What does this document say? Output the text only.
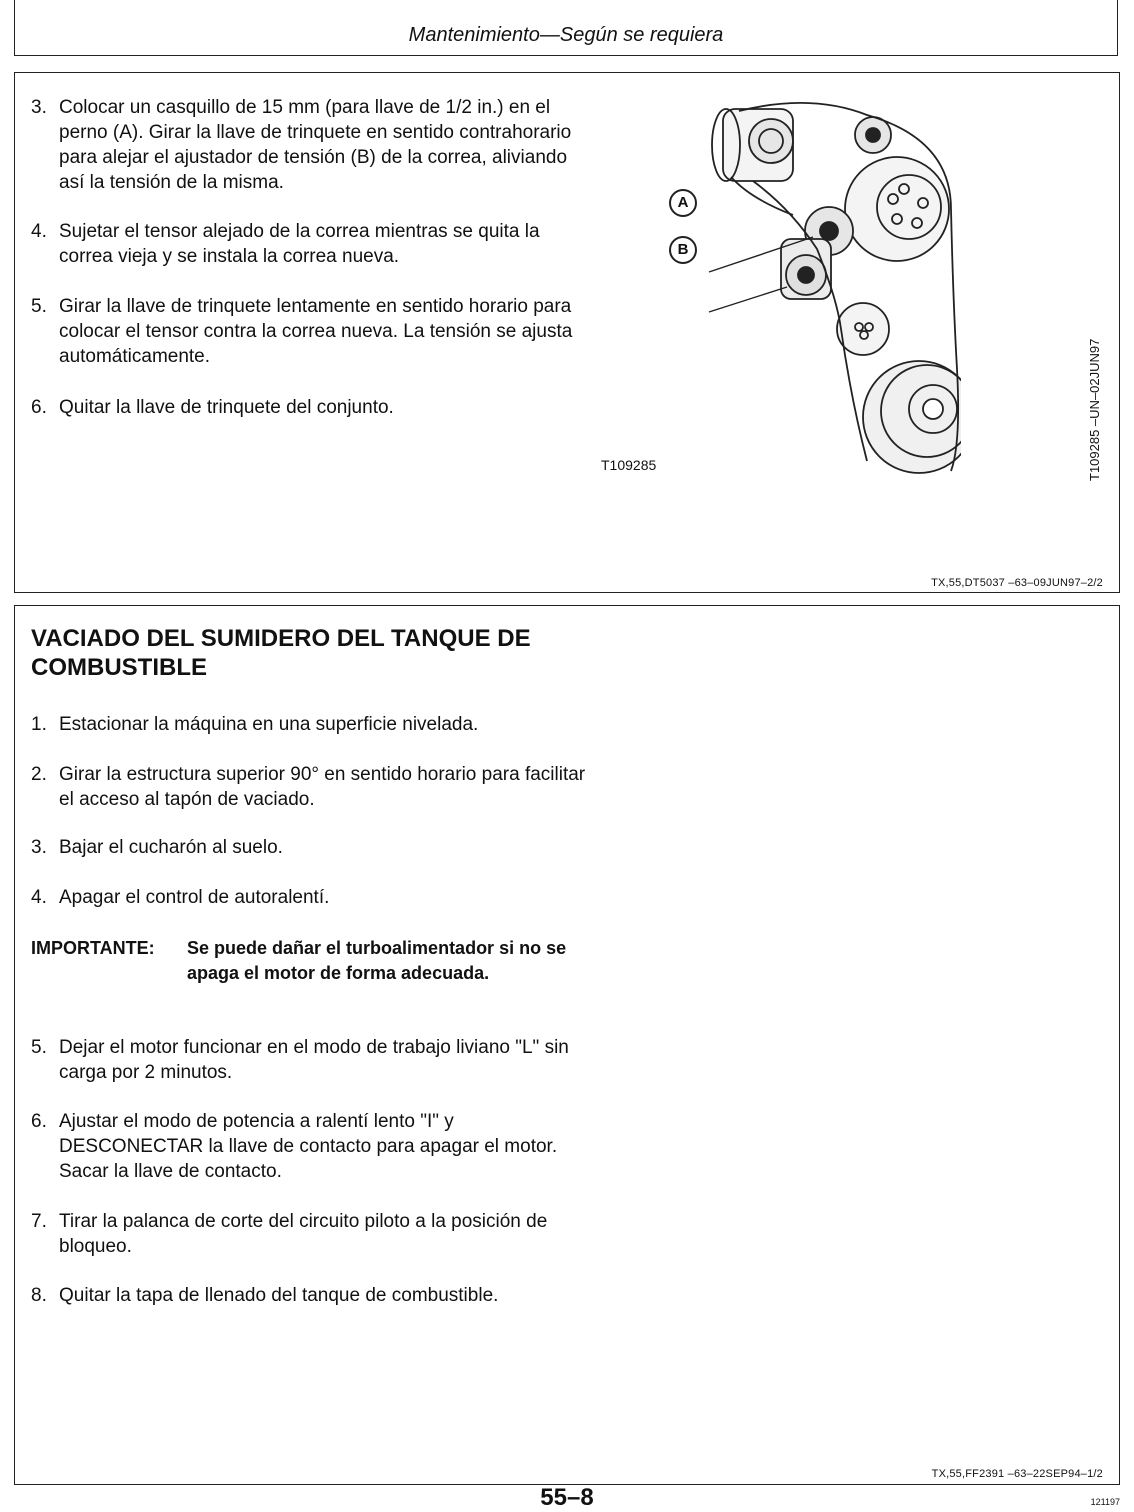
Mantenimiento—Según se requiera
3. Colocar un casquillo de 15 mm (para llave de 1/2 in.) en el perno (A). Girar la llave de trinquete en sentido contrahorario para alejar el ajustador de tensión (B) de la correa, aliviando así la tensión de la misma.
4. Sujetar el tensor alejado de la correa mientras se quita la correa vieja y se instala la correa nueva.
5. Girar la llave de trinquete lentamente en sentido horario para colocar el tensor contra la correa nueva. La tensión se ajusta automáticamente.
6. Quitar la llave de trinquete del conjunto.
A
B
T109285	T109285 –UN–02JUN97
TX,55,DT5037 –63–09JUN97–2/2
VACIADO DEL SUMIDERO DEL TANQUE DE COMBUSTIBLE
1. Estacionar la máquina en una superficie nivelada.
2. Girar la estructura superior 90° en sentido horario para facilitar el acceso al tapón de vaciado.
3. Bajar el cucharón al suelo.
4. Apagar el control de autoralentí.
IMPORTANTE: Se puede dañar el turboalimentador si no se apaga el motor de forma adecuada.
5. Dejar el motor funcionar en el modo de trabajo liviano "L" sin carga por 2 minutos.
6. Ajustar el modo de potencia a ralentí lento "I" y DESCONECTAR la llave de contacto para apagar el motor. Sacar la llave de contacto.
7. Tirar la palanca de corte del circuito piloto a la posición de bloqueo.
8. Quitar la tapa de llenado del tanque de combustible.
TX,55,FF2391 –63–22SEP94–1/2
55–8	121197
